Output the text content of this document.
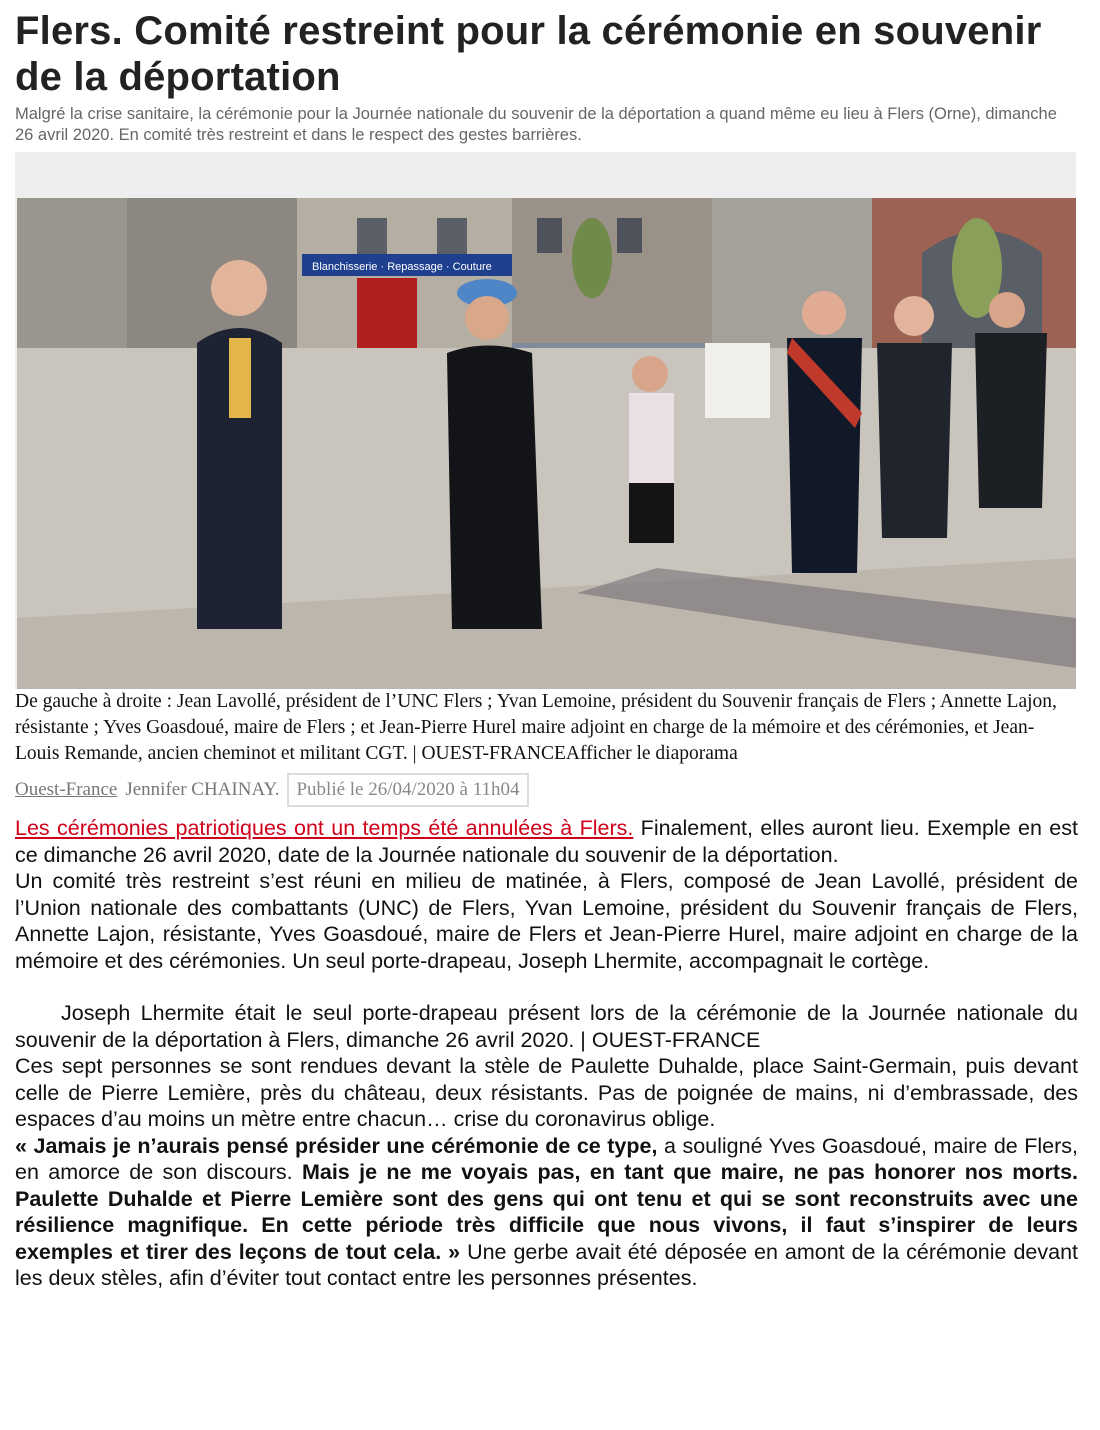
Flers. Comité restreint pour la cérémonie en souvenir de la déportation

Malgré la crise sanitaire, la cérémonie pour la Journée nationale du souvenir de la déportation a quand même eu lieu à Flers (Orne), dimanche 26 avril 2020. En comité très restreint et dans le respect des gestes barrières.

Blanchisserie · Repassage · Couture

De gauche à droite : Jean Lavollé, président de l’UNC Flers ; Yvan Lemoine, président du Souvenir français de Flers ; Annette Lajon, résistante ; Yves Goasdoué, maire de Flers ; et Jean-Pierre Hurel maire adjoint en charge de la mémoire et des cérémonies, et Jean-Louis Remande, ancien cheminot et militant CGT. | OUEST-FRANCEAfficher le diaporama

Ouest-France Jennifer CHAINAY. Publié le 26/04/2020 à 11h04

Les cérémonies patriotiques ont un temps été annulées à Flers. Finalement, elles auront lieu. Exemple en est ce dimanche 26 avril 2020, date de la Journée nationale du souvenir de la déportation.

Un comité très restreint s’est réuni en milieu de matinée, à Flers, composé de Jean Lavollé, président de l’Union nationale des combattants (UNC) de Flers, Yvan Lemoine, président du Souvenir français de Flers, Annette Lajon, résistante, Yves Goasdoué, maire de Flers et Jean-Pierre Hurel, maire adjoint en charge de la mémoire et des cérémonies. Un seul porte-drapeau, Joseph Lhermite, accompagnait le cortège.

Joseph Lhermite était le seul porte-drapeau présent lors de la cérémonie de la Journée nationale du souvenir de la déportation à Flers, dimanche 26 avril 2020. | OUEST-FRANCE

Ces sept personnes se sont rendues devant la stèle de Paulette Duhalde, place Saint-Germain, puis devant celle de Pierre Lemière, près du château, deux résistants. Pas de poignée de mains, ni d’embrassade, des espaces d’au moins un mètre entre chacun… crise du coronavirus oblige.

« Jamais je n’aurais pensé présider une cérémonie de ce type, a souligné Yves Goasdoué, maire de Flers, en amorce de son discours. Mais je ne me voyais pas, en tant que maire, ne pas honorer nos morts. Paulette Duhalde et Pierre Lemière sont des gens qui ont tenu et qui se sont reconstruits avec une résilience magnifique. En cette période très difficile que nous vivons, il faut s’inspirer de leurs exemples et tirer des leçons de tout cela. » Une gerbe avait été déposée en amont de la cérémonie devant les deux stèles, afin d’éviter tout contact entre les personnes présentes.
